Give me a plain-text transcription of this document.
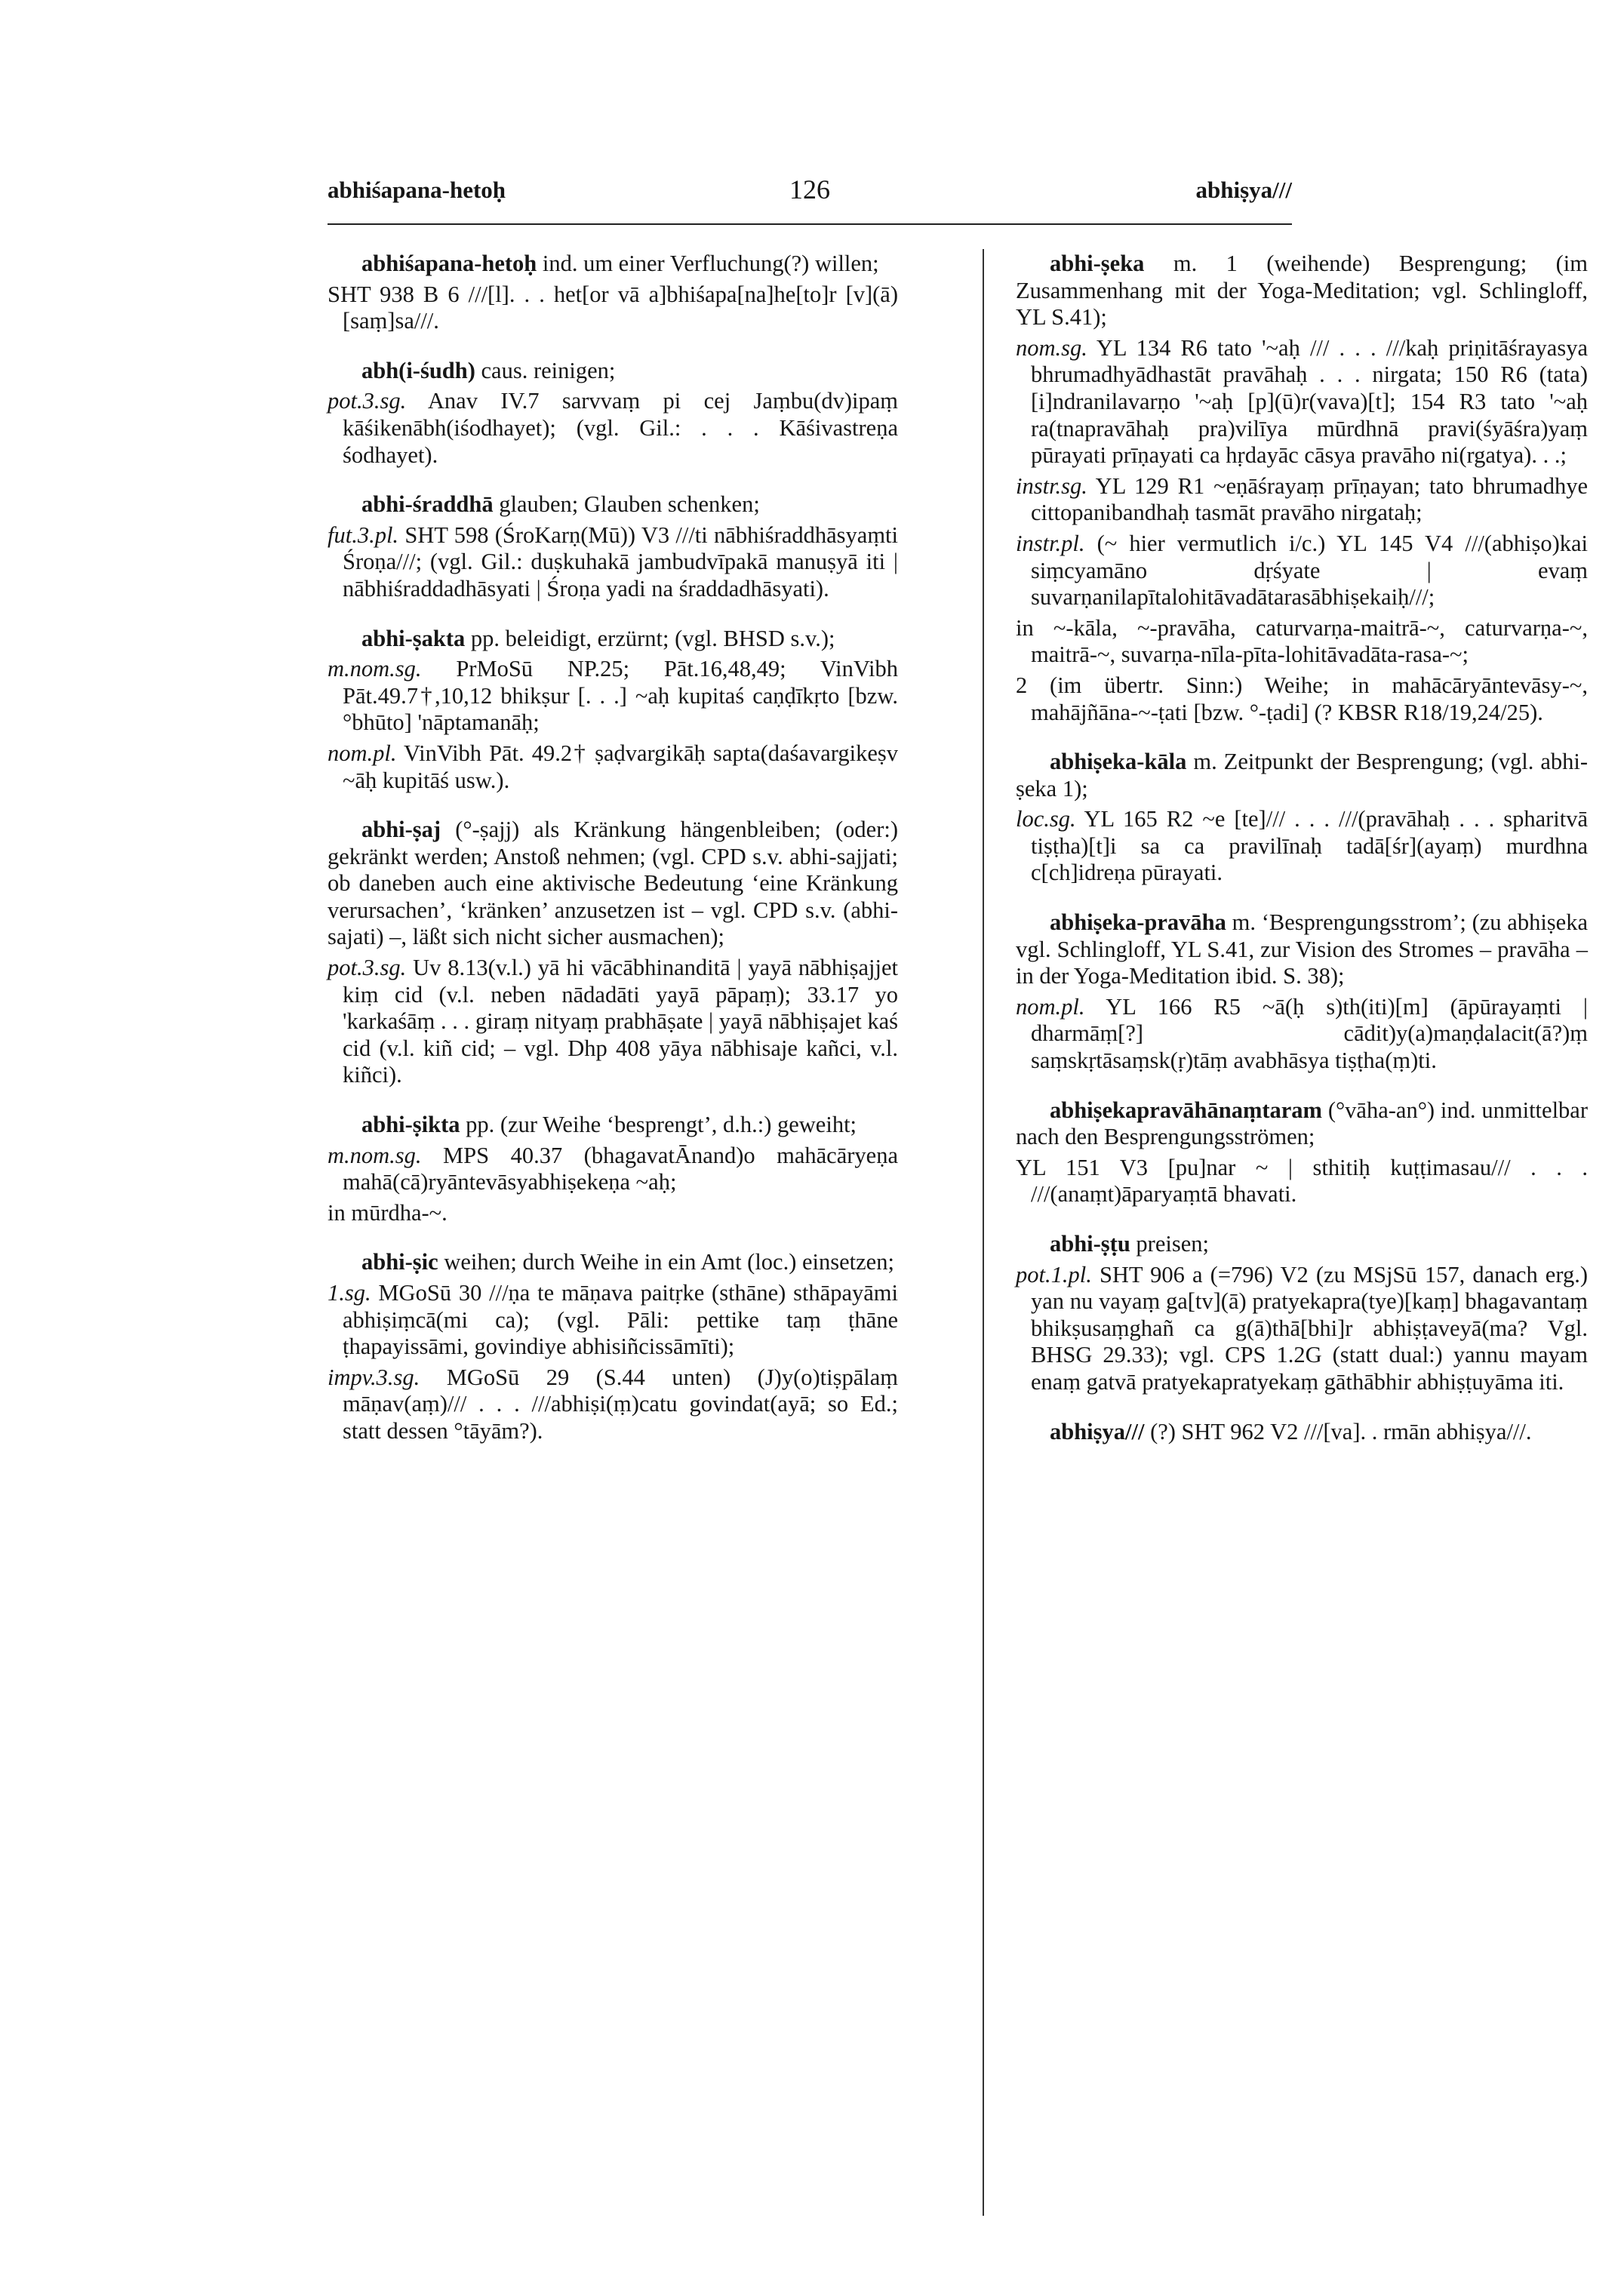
abhiśapana-hetoḥ	126	abhiṣya///

abhiśapana-hetoḥ ind. um einer Verfluchung(?) willen;

SHT 938 B 6 ///[l]. . . het[or vā a]bhiśapa[na]he[to]r [v](ā) [saṃ]sa///.

abh(i-śudh) caus. reinigen;

pot.3.sg. Anav IV.7 sarvvaṃ pi cej Jaṃbu(dv)ipaṃ kāśikenābh(iśodhayet); (vgl. Gil.: . . . Kāśivastreṇa śodhayet).

abhi-śraddhā glauben; Glauben schenken;

fut.3.pl. SHT 598 (ŚroKarṇ(Mū)) V3 ///ti nābhiśraddhāsyaṃti Śroṇa///; (vgl. Gil.: duṣkuhakā jambudvīpakā manuṣyā iti | nābhiśraddadhāsyati | Śroṇa yadi na śraddadhāsyati).

abhi-ṣakta pp. beleidigt, erzürnt; (vgl. BHSD s.v.);

m.nom.sg. PrMoSū NP.25; Pāt.16,48,49; VinVibh Pāt.49.7†,10,12 bhikṣur [. . .] ~aḥ kupitaś caṇḍīkṛto [bzw. °bhūto] 'nāptamanāḥ;

nom.pl. VinVibh Pāt. 49.2† ṣaḍvargikāḥ sapta(daśavargikeṣv ~āḥ kupitāś usw.).

abhi-ṣaj (°-ṣajj) als Kränkung hängenbleiben; (oder:) gekränkt werden; Anstoß nehmen; (vgl. CPD s.v. abhi-sajjati; ob daneben auch eine aktivische Bedeutung ‘eine Kränkung verursachen’, ‘kränken’ anzusetzen ist – vgl. CPD s.v. (abhi-sajati) –, läßt sich nicht sicher ausmachen);

pot.3.sg. Uv 8.13(v.l.) yā hi vācābhinanditā | yayā nābhiṣajjet kiṃ cid (v.l. neben nādadāti yayā pāpaṃ); 33.17 yo 'karkaśāṃ . . . giraṃ nityaṃ prabhāṣate | yayā nābhiṣajet kaś cid (v.l. kiñ cid; – vgl. Dhp 408 yāya nābhisaje kañci, v.l. kiñci).

abhi-ṣikta pp. (zur Weihe ‘besprengt’, d.h.:) geweiht;

m.nom.sg. MPS 40.37 (bhagavatĀnand)o mahācāryeṇa mahā(cā)ryāntevāsyabhiṣekeṇa ~aḥ;

in mūrdha-~.

abhi-ṣic weihen; durch Weihe in ein Amt (loc.) einsetzen;

1.sg. MGoSū 30 ///ṇa te māṇava paitṛke (sthāne) sthāpayāmi abhiṣiṃcā(mi ca); (vgl. Pāli: pettike taṃ ṭhāne ṭhapayissāmi, govindiye abhisiñcissāmīti);

impv.3.sg. MGoSū 29 (S.44 unten) (J)y(o)tiṣpālaṃ māṇav(aṃ)/// . . . ///abhiṣi(ṃ)catu govindat(ayā; so Ed.; statt dessen °tāyām?).

abhi-ṣeka m. 1 (weihende) Besprengung; (im Zusammenhang mit der Yoga-Meditation; vgl. Schlingloff, YL S.41);

nom.sg. YL 134 R6 tato '~aḥ /// . . . ///kaḥ priṇitāśrayasya bhrumadhyādhastāt pravāhaḥ . . . nirgata; 150 R6 (tata) [i]ndranilavarṇo '~aḥ [p](ū)r(vava)[t]; 154 R3 tato '~aḥ ra(tnapravāhaḥ pra)vilīya mūrdhnā pravi(śyāśra)yaṃ pūrayati prīṇayati ca hṛdayāc cāsya pravāho ni(rgatya). . .;

instr.sg. YL 129 R1 ~eṇāśrayaṃ prīṇayan; tato bhrumadhye cittopanibandhaḥ tasmāt pravāho nirgataḥ;

instr.pl. (~ hier vermutlich i/c.) YL 145 V4 ///(abhiṣo)kai siṃcyamāno dṛśyate | evaṃ suvarṇanilapītalohitāvadātarasābhiṣekaiḥ///;

in ~-kāla, ~-pravāha, caturvarṇa-maitrā-~, caturvarṇa-~, maitrā-~, suvarṇa-nīla-pīta-lohitāvadāta-rasa-~;

2 (im übertr. Sinn:) Weihe; in mahācāryāntevāsy-~, mahājñāna-~-ṭati [bzw. °-ṭadi] (? KBSR R18/19,24/25).

abhiṣeka-kāla m. Zeitpunkt der Besprengung; (vgl. abhi-ṣeka 1);

loc.sg. YL 165 R2 ~e [te]/// . . . ///(pravāhaḥ . . . spharitvā tiṣṭha)[t]i sa ca pravilīnaḥ tadā[śr](ayaṃ) murdhna c[ch]idreṇa pūrayati.

abhiṣeka-pravāha m. ‘Besprengungsstrom’; (zu abhiṣeka vgl. Schlingloff, YL S.41, zur Vision des Stromes – pravāha – in der Yoga-Meditation ibid. S. 38);

nom.pl. YL 166 R5 ~ā(ḥ s)th(iti)[m] (āpūrayaṃti | dharmāṃ[?] cādit)y(a)maṇḍalacit(ā?)ṃ saṃskṛtāsaṃsk(ṛ)tāṃ avabhāsya tiṣṭha(ṃ)ti.

abhiṣekapravāhānaṃtaram (°vāha-an°) ind. unmittelbar nach den Besprengungsströmen;

YL 151 V3 [pu]nar ~ | sthitiḥ kuṭṭimasau/// . . . ///(anaṃt)āparyaṃtā bhavati.

abhi-ṣṭu preisen;

pot.1.pl. SHT 906 a (=796) V2 (zu MSjSū 157, danach erg.) yan nu vayaṃ ga[tv](ā) pratyekapra(tye)[kaṃ] bhagavantaṃ bhikṣusaṃghañ ca g(ā)thā[bhi]r abhiṣṭaveyā(ma? Vgl. BHSG 29.33); vgl. CPS 1.2G (statt dual:) yannu mayam enaṃ gatvā pratyekapratyekaṃ gāthābhir abhiṣṭuyāma iti.

abhiṣya/// (?) SHT 962 V2 ///[va]. . rmān abhiṣya///.
